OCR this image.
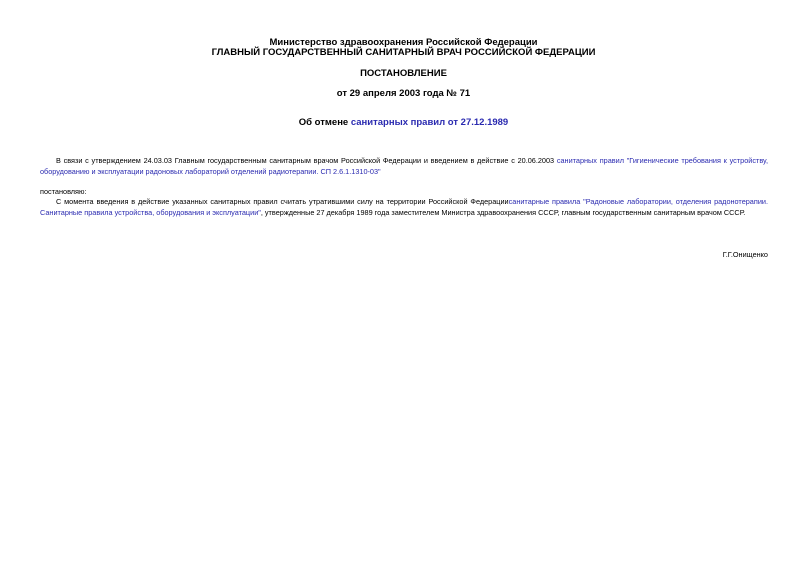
Министерство здравоохранения Российской Федерации
ГЛАВНЫЙ ГОСУДАРСТВЕННЫЙ САНИТАРНЫЙ ВРАЧ РОССИЙСКОЙ ФЕДЕРАЦИИ
ПОСТАНОВЛЕНИЕ
от 29 апреля 2003 года № 71
Об отмене санитарных правил от 27.12.1989
В связи с утверждением 24.03.03 Главным государственным санитарным врачом Российской Федерации и введением в действие с 20.06.2003 санитарных правил "Гигиенические требования к устройству, оборудованию и эксплуатации радоновых лабораторий отделений радиотерапии. СП 2.6.1.1310-03"
постановляю:
С момента введения в действие указанных санитарных правил считать утратившими силу на территории Российской Федерациисанитарные правила "Радоновые лаборатории, отделения радонотерапии. Санитарные правила устройства, оборудования и эксплуатации", утвержденные 27 декабря 1989 года заместителем Министра здравоохранения СССР, главным государственным санитарным врачом СССР.
Г.Г.Онищенко
